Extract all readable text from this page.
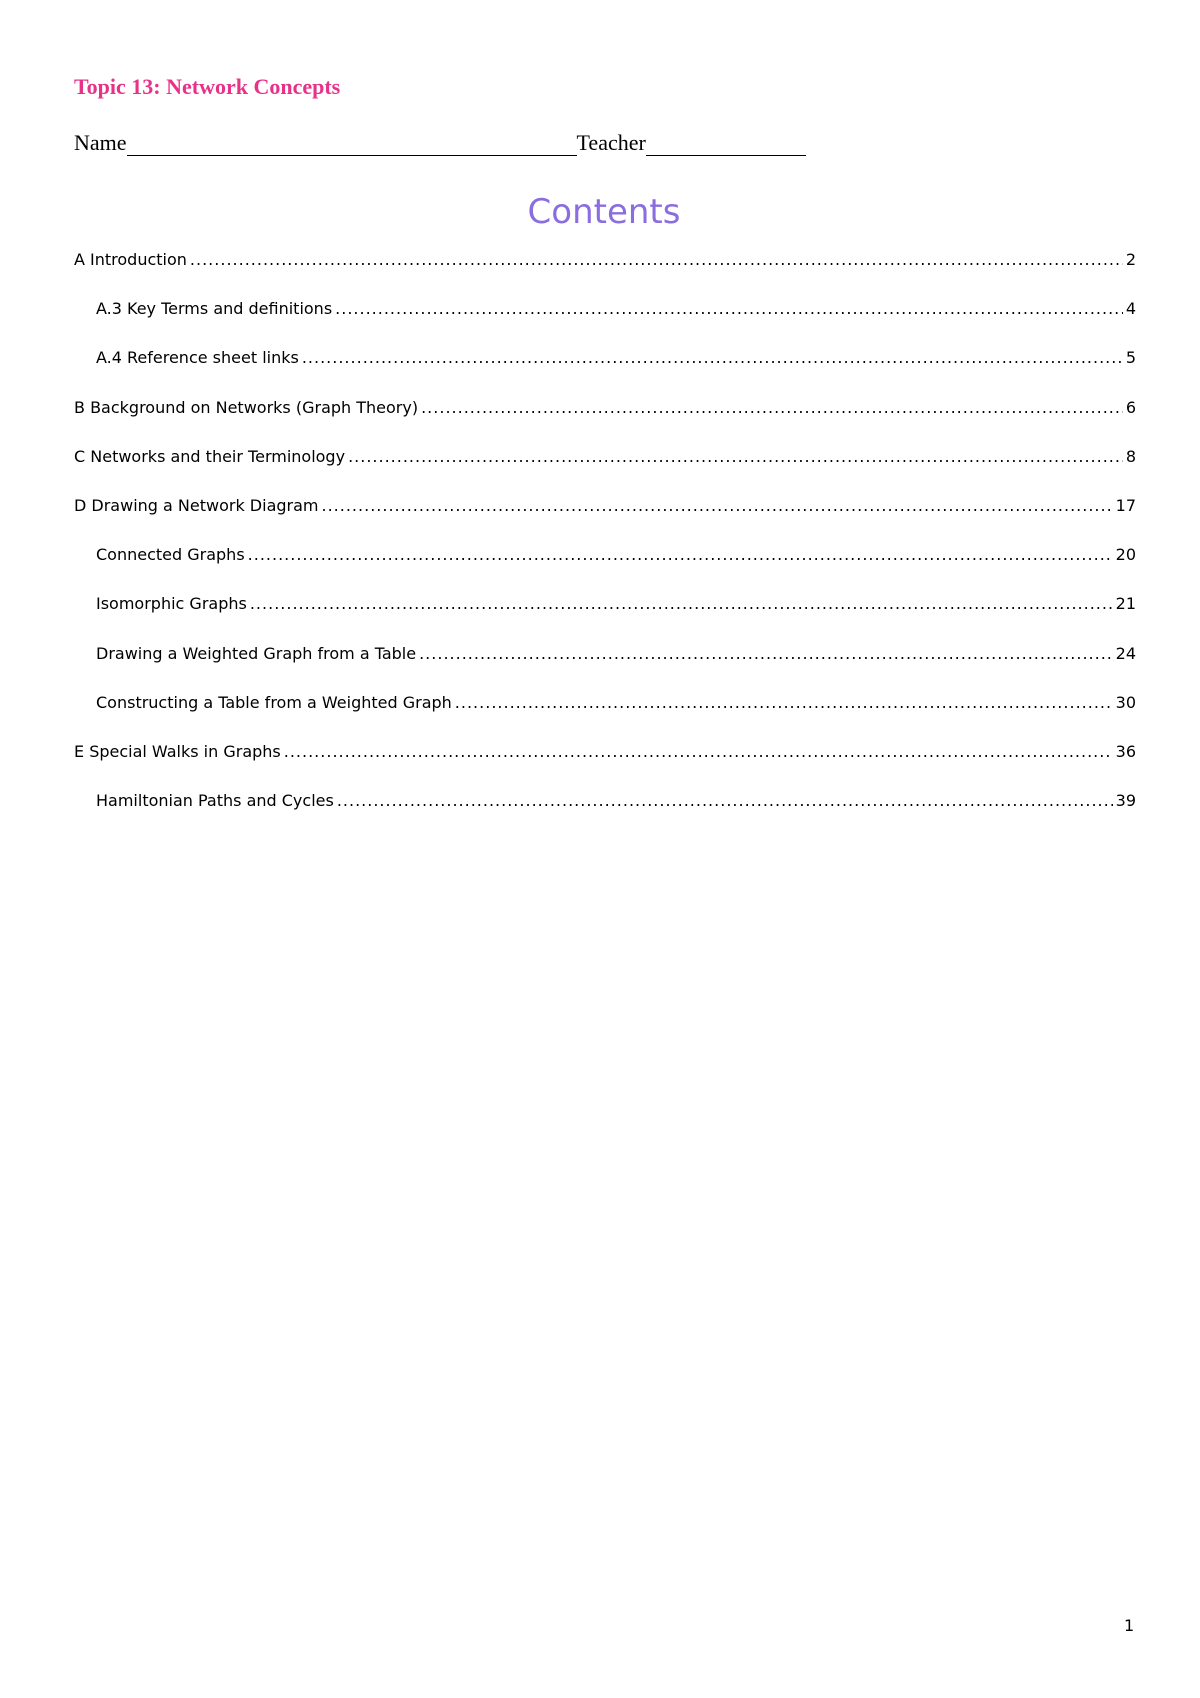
Topic 13: Network Concepts
Name	Teacher
Contents
A Introduction .....	2
A.3 Key Terms and definitions .....	4
A.4 Reference sheet links .....	5
B Background on Networks (Graph Theory) .....	6
C Networks and their Terminology .....	8
D Drawing a Network Diagram .....	17
Connected Graphs .....	20
Isomorphic Graphs .....	21
Drawing a Weighted Graph from a Table .....	24
Constructing a Table from a Weighted Graph .....	30
E Special Walks in Graphs .....	36
Hamiltonian Paths and Cycles .....	39
1
